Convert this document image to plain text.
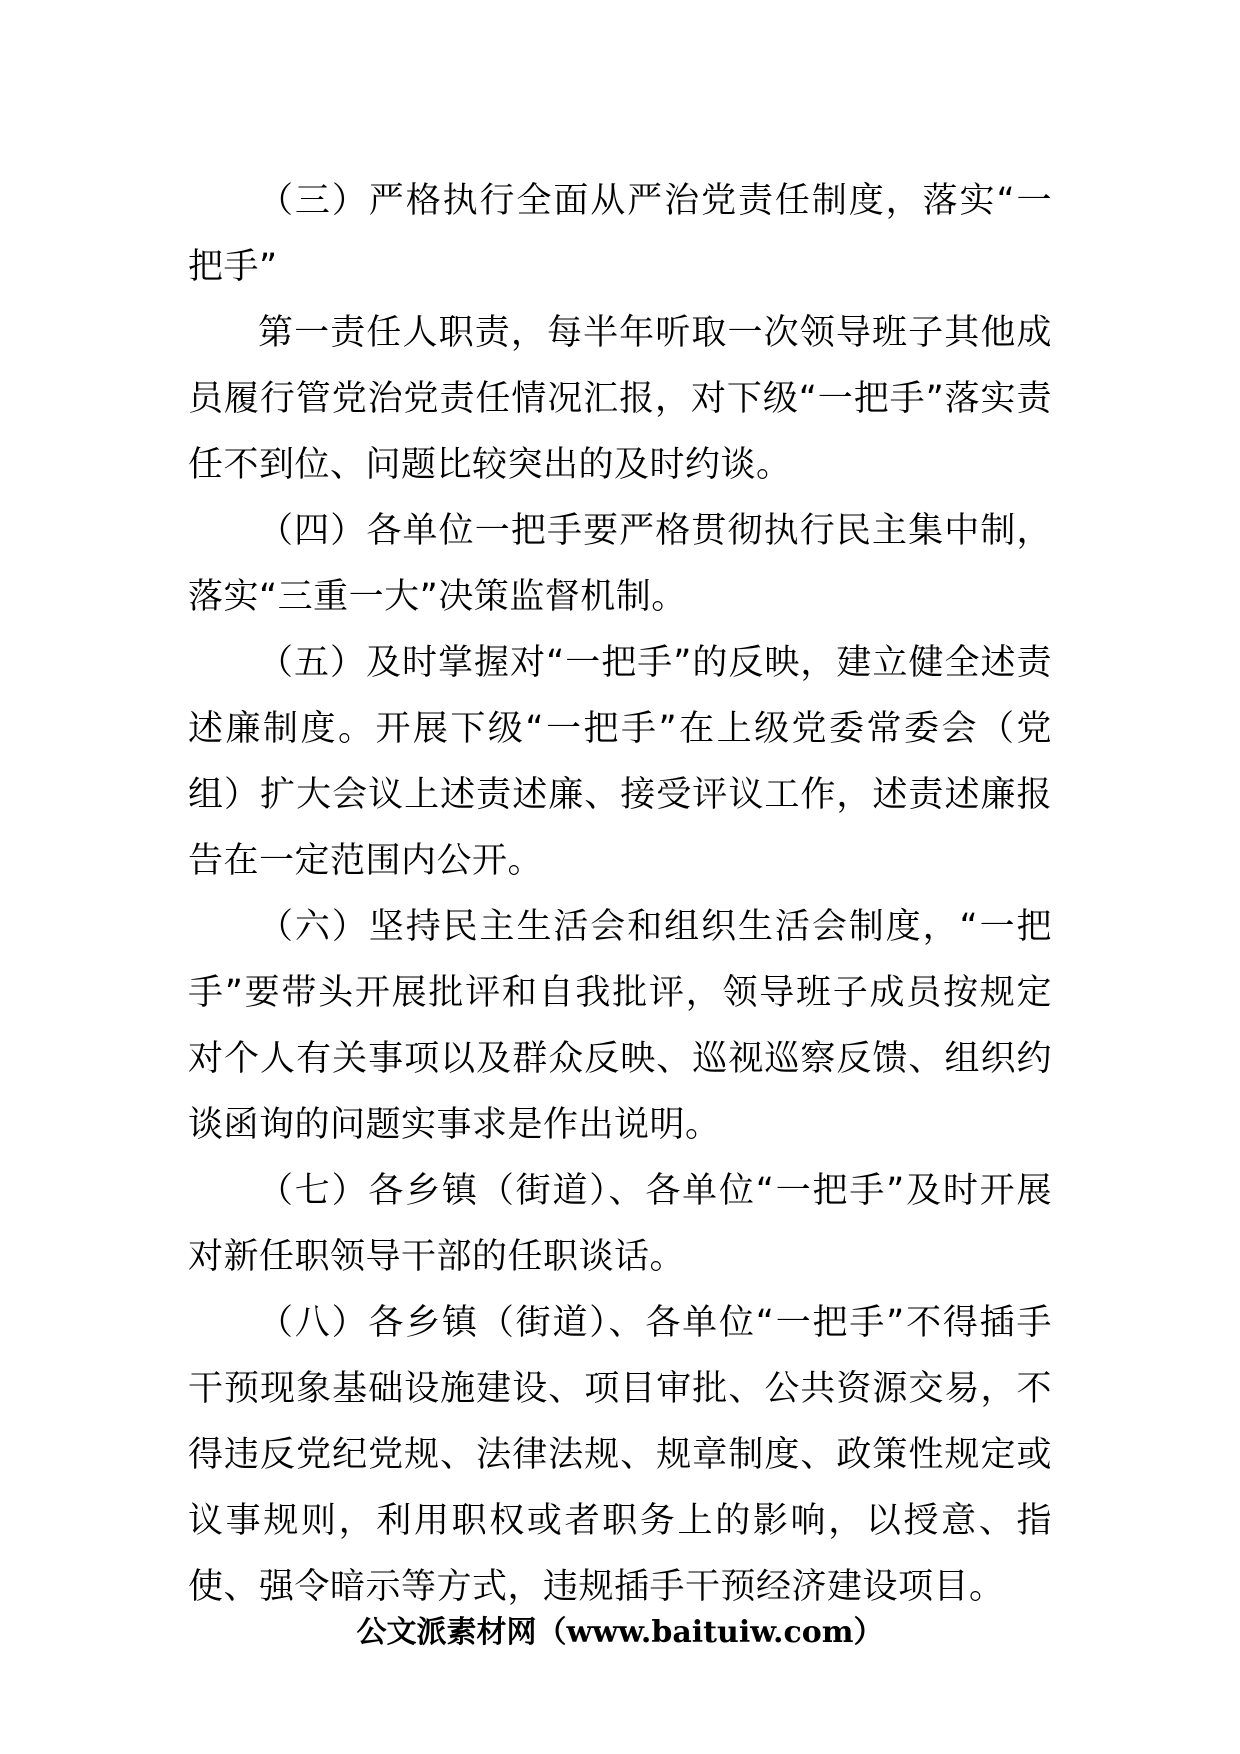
（三）严格执行全面从严治党责任制度，落实“一把手”

第一责任人职责，每半年听取一次领导班子其他成员履行管党治党责任情况汇报，对下级“一把手”落实责任不到位、问题比较突出的及时约谈。

（四）各单位一把手要严格贯彻执行民主集中制，落实“三重一大”决策监督机制。

（五）及时掌握对“一把手”的反映，建立健全述责述廉制度。开展下级“一把手”在上级党委常委会（党组）扩大会议上述责述廉、接受评议工作，述责述廉报告在一定范围内公开。

（六）坚持民主生活会和组织生活会制度，“一把手”要带头开展批评和自我批评，领导班子成员按规定对个人有关事项以及群众反映、巡视巡察反馈、组织约谈函询的问题实事求是作出说明。

（七）各乡镇（街道）、各单位“一把手”及时开展对新任职领导干部的任职谈话。

（八）各乡镇（街道）、各单位“一把手”不得插手干预现象基础设施建设、项目审批、公共资源交易，不得违反党纪党规、法律法规、规章制度、政策性规定或议事规则，利用职权或者职务上的影响，以授意、指使、强令暗示等方式，违规插手干预经济建设项目。

公文派素材网（www.baituiw.com）
